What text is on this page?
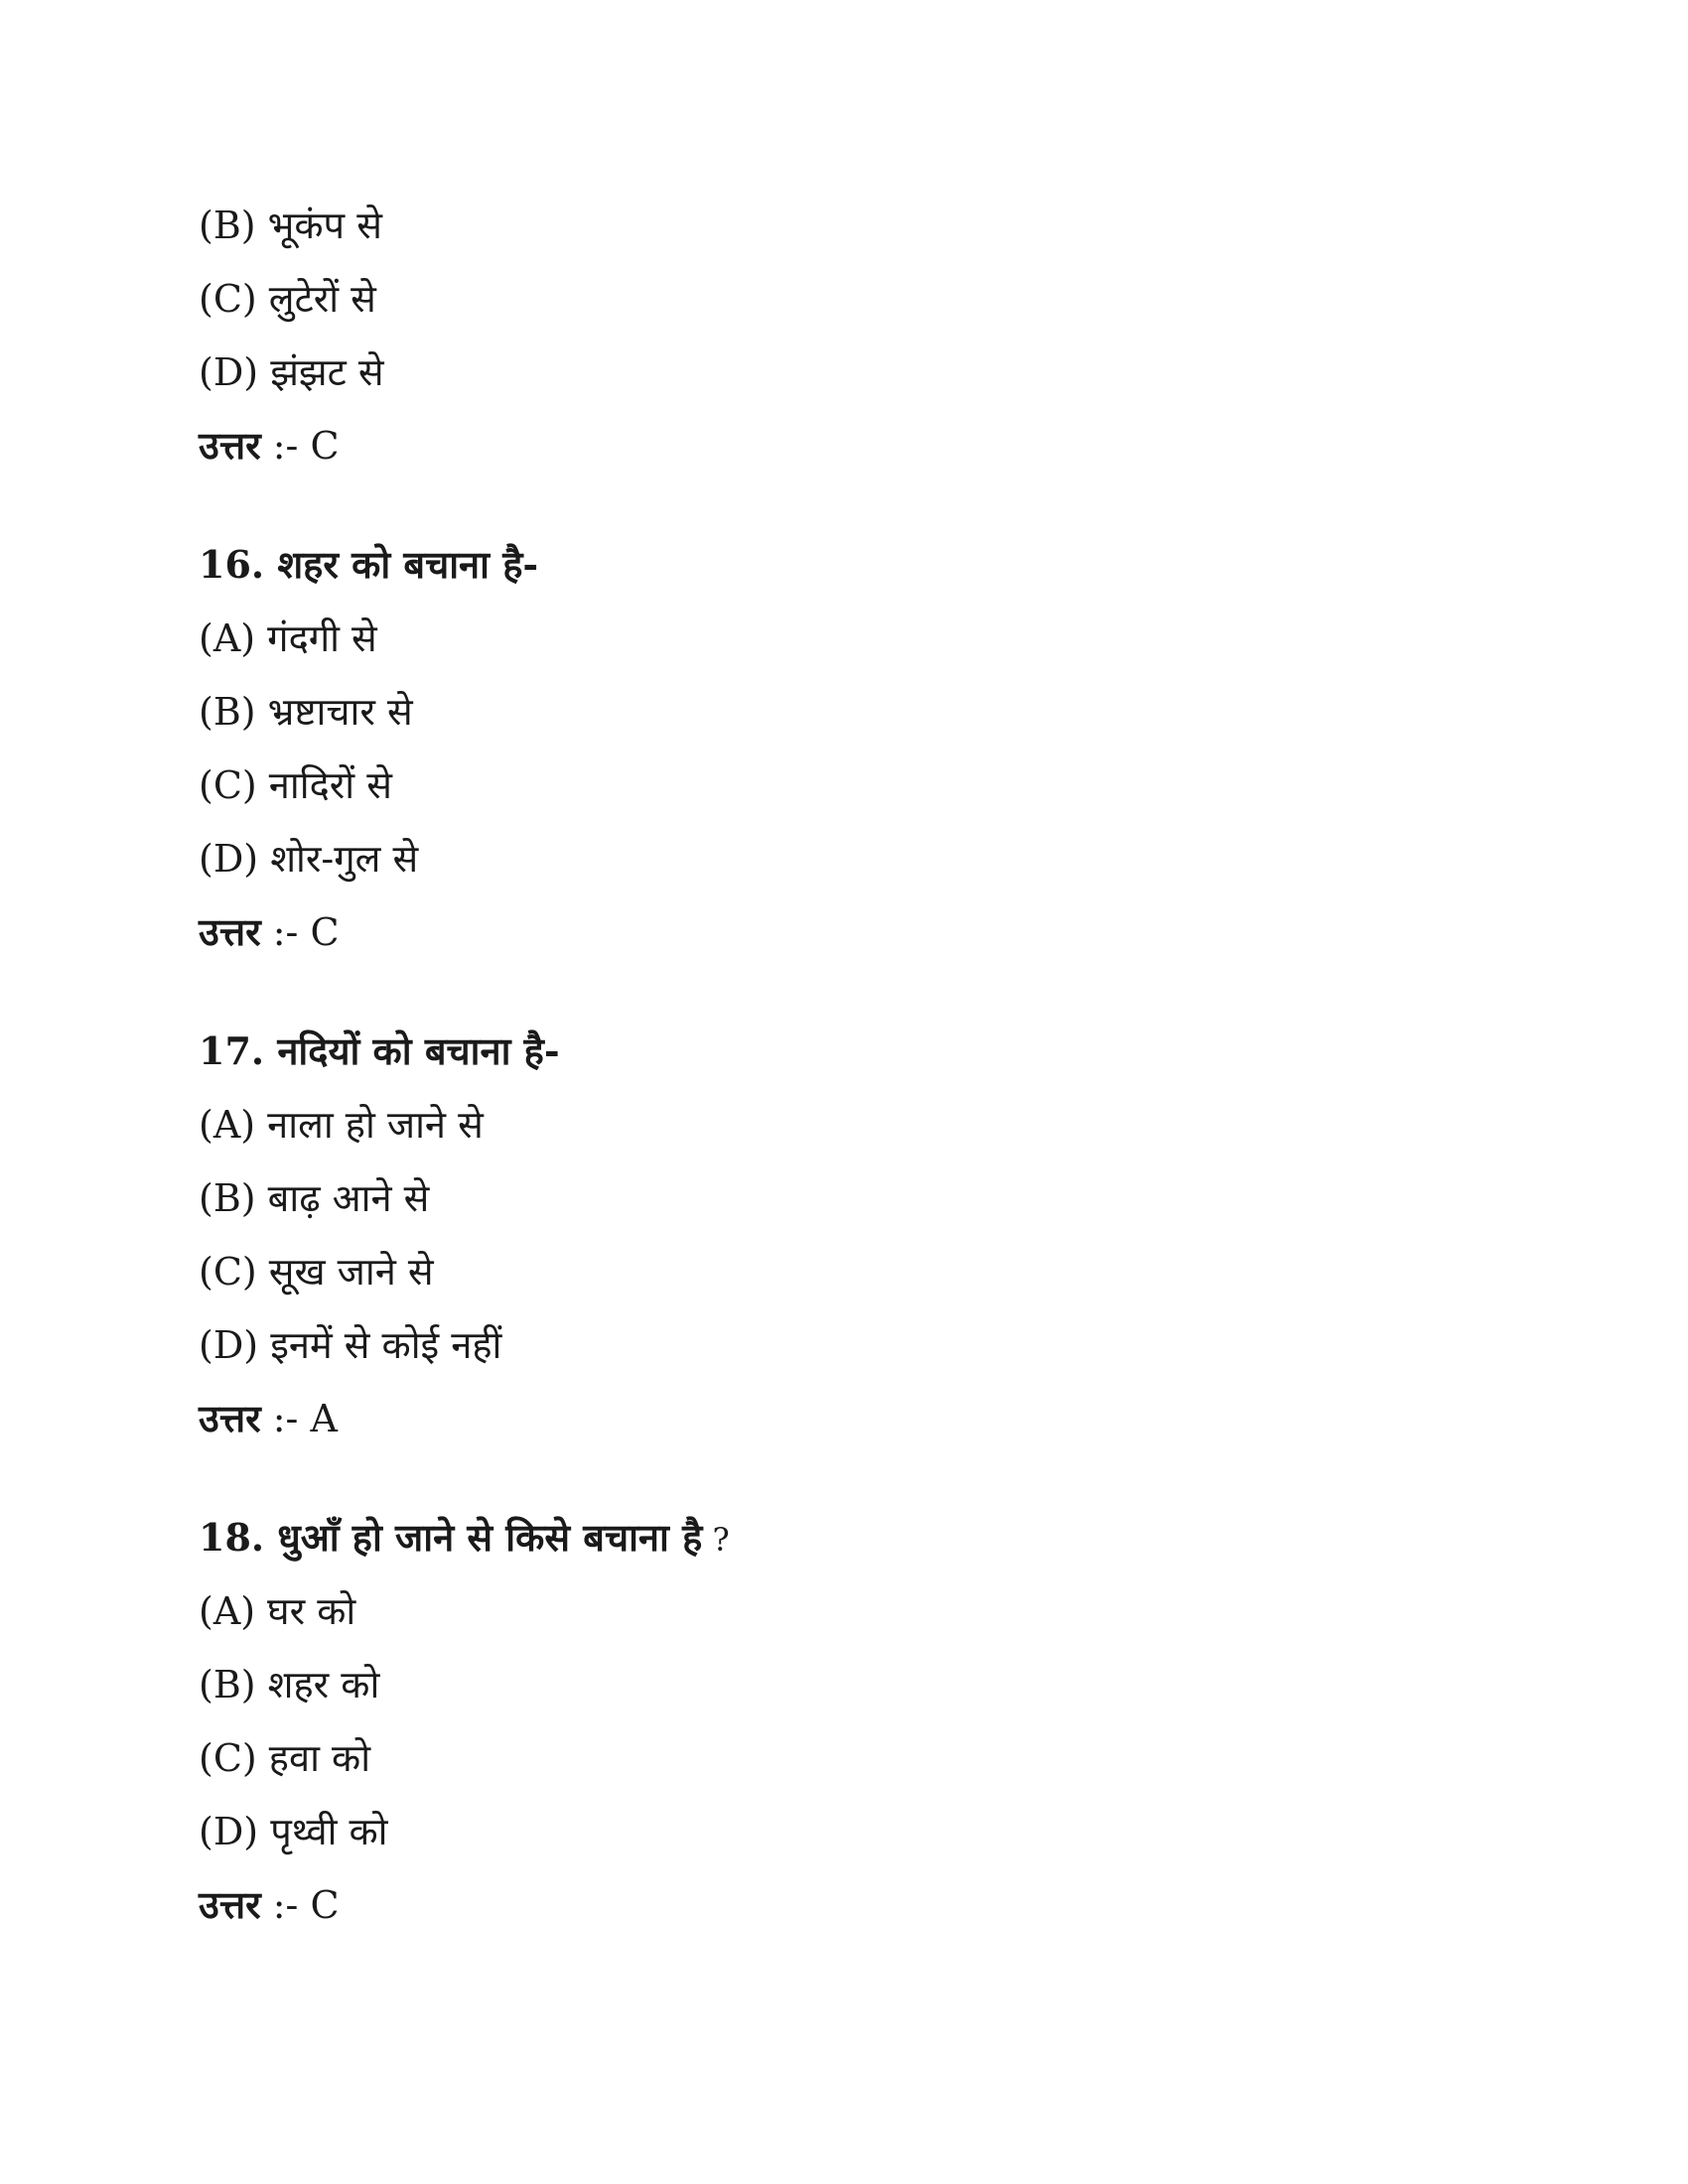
(B) भूकंप से
(C) लुटेरों से
(D) झंझट से
उत्तर :- C
16. शहर को बचाना है-
(A) गंदगी से
(B) भ्रष्टाचार से
(C) नादिरों से
(D) शोर-गुल से
उत्तर :- C
17. नदियों को बचाना है-
(A) नाला हो जाने से
(B) बाढ़ आने से
(C) सूख जाने से
(D) इनमें से कोई नहीं
उत्तर :- A
18. धुआँ हो जाने से किसे बचाना है ?
(A) घर को
(B) शहर को
(C) हवा को
(D) पृथ्वी को
उत्तर :- C
